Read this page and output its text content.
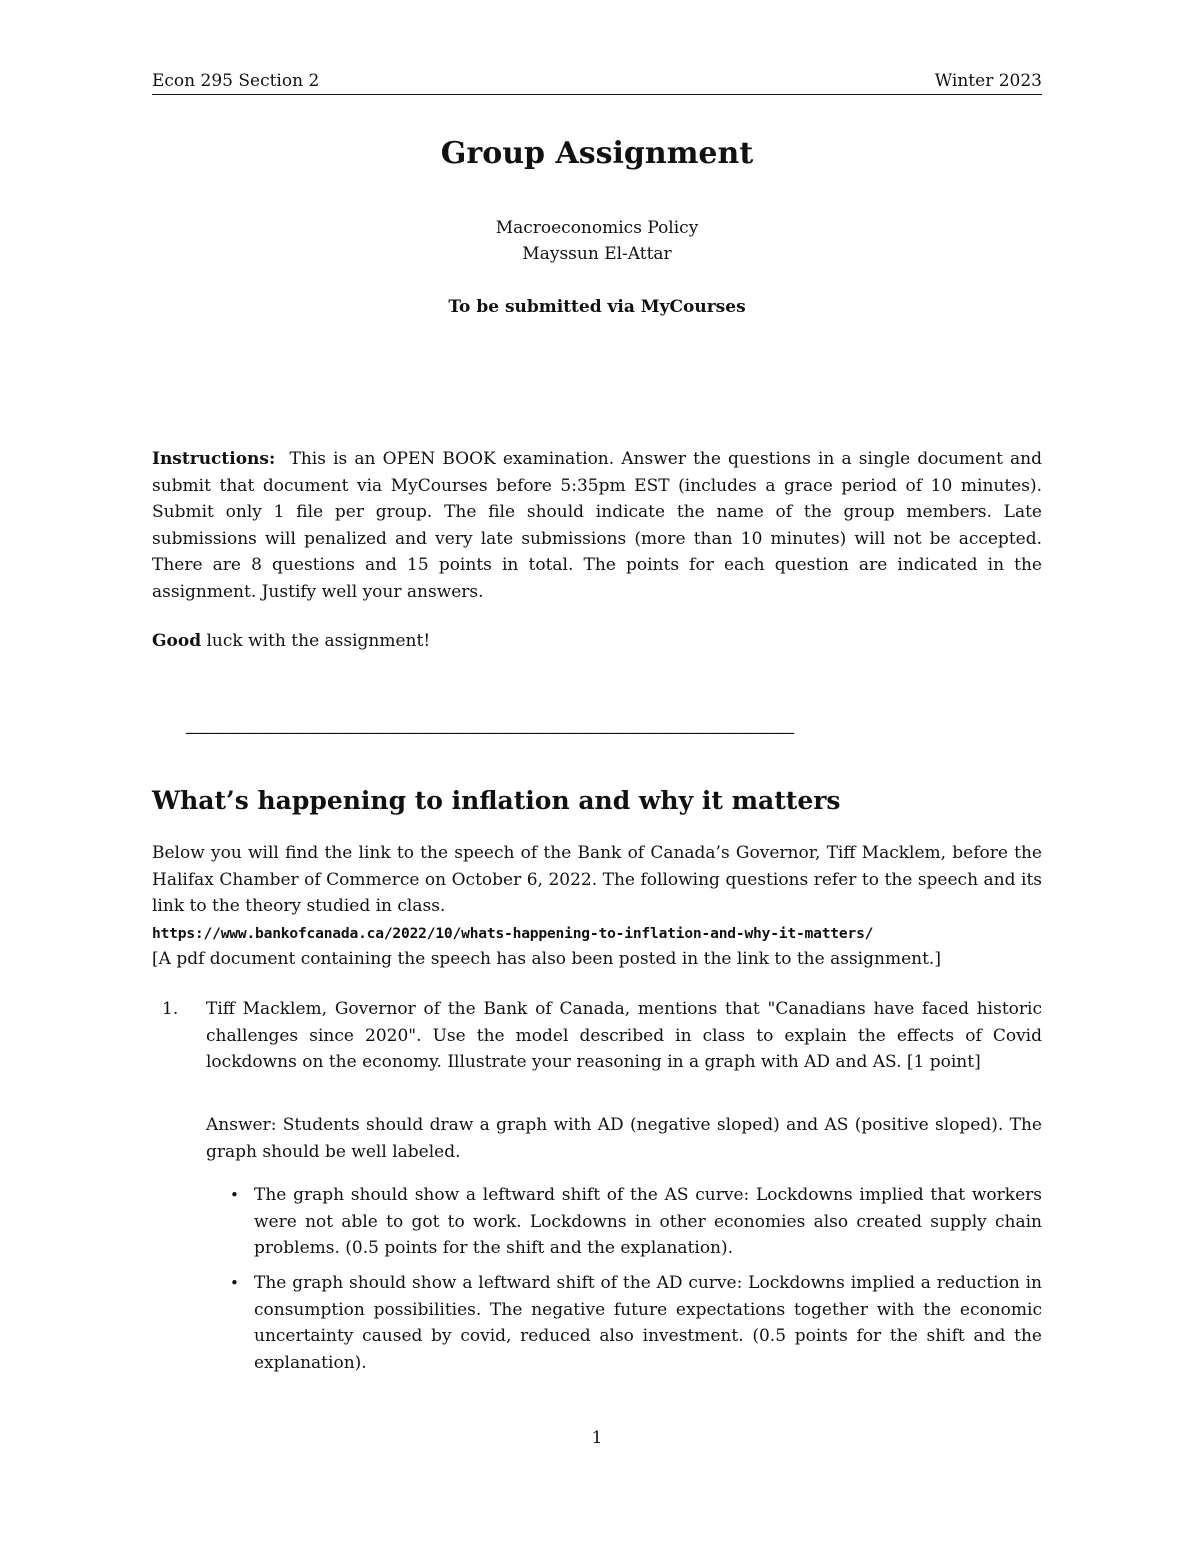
Econ 295 Section 2	Winter 2023
Group Assignment
Macroeconomics Policy
Mayssun El-Attar
To be submitted via MyCourses
Instructions: This is an OPEN BOOK examination. Answer the questions in a single document and submit that document via MyCourses before 5:35pm EST (includes a grace period of 10 minutes). Submit only 1 file per group. The file should indicate the name of the group members. Late submissions will penalized and very late submissions (more than 10 minutes) will not be accepted. There are 8 questions and 15 points in total. The points for each question are indicated in the assignment. Justify well your answers.
Good luck with the assignment!
——————————————————————————————————————
What’s happening to inflation and why it matters
Below you will find the link to the speech of the Bank of Canada’s Governor, Tiff Macklem, before the Halifax Chamber of Commerce on October 6, 2022. The following questions refer to the speech and its link to the theory studied in class.
https://www.bankofcanada.ca/2022/10/whats-happening-to-inflation-and-why-it-matters/
[A pdf document containing the speech has also been posted in the link to the assignment.]
1. Tiff Macklem, Governor of the Bank of Canada, mentions that "Canadians have faced historic challenges since 2020". Use the model described in class to explain the effects of Covid lockdowns on the economy. Illustrate your reasoning in a graph with AD and AS. [1 point]
Answer: Students should draw a graph with AD (negative sloped) and AS (positive sloped). The graph should be well labeled.
• The graph should show a leftward shift of the AS curve: Lockdowns implied that workers were not able to got to work. Lockdowns in other economies also created supply chain problems. (0.5 points for the shift and the explanation).
• The graph should show a leftward shift of the AD curve: Lockdowns implied a reduction in consumption possibilities. The negative future expectations together with the economic uncertainty caused by covid, reduced also investment. (0.5 points for the shift and the explanation).
1
